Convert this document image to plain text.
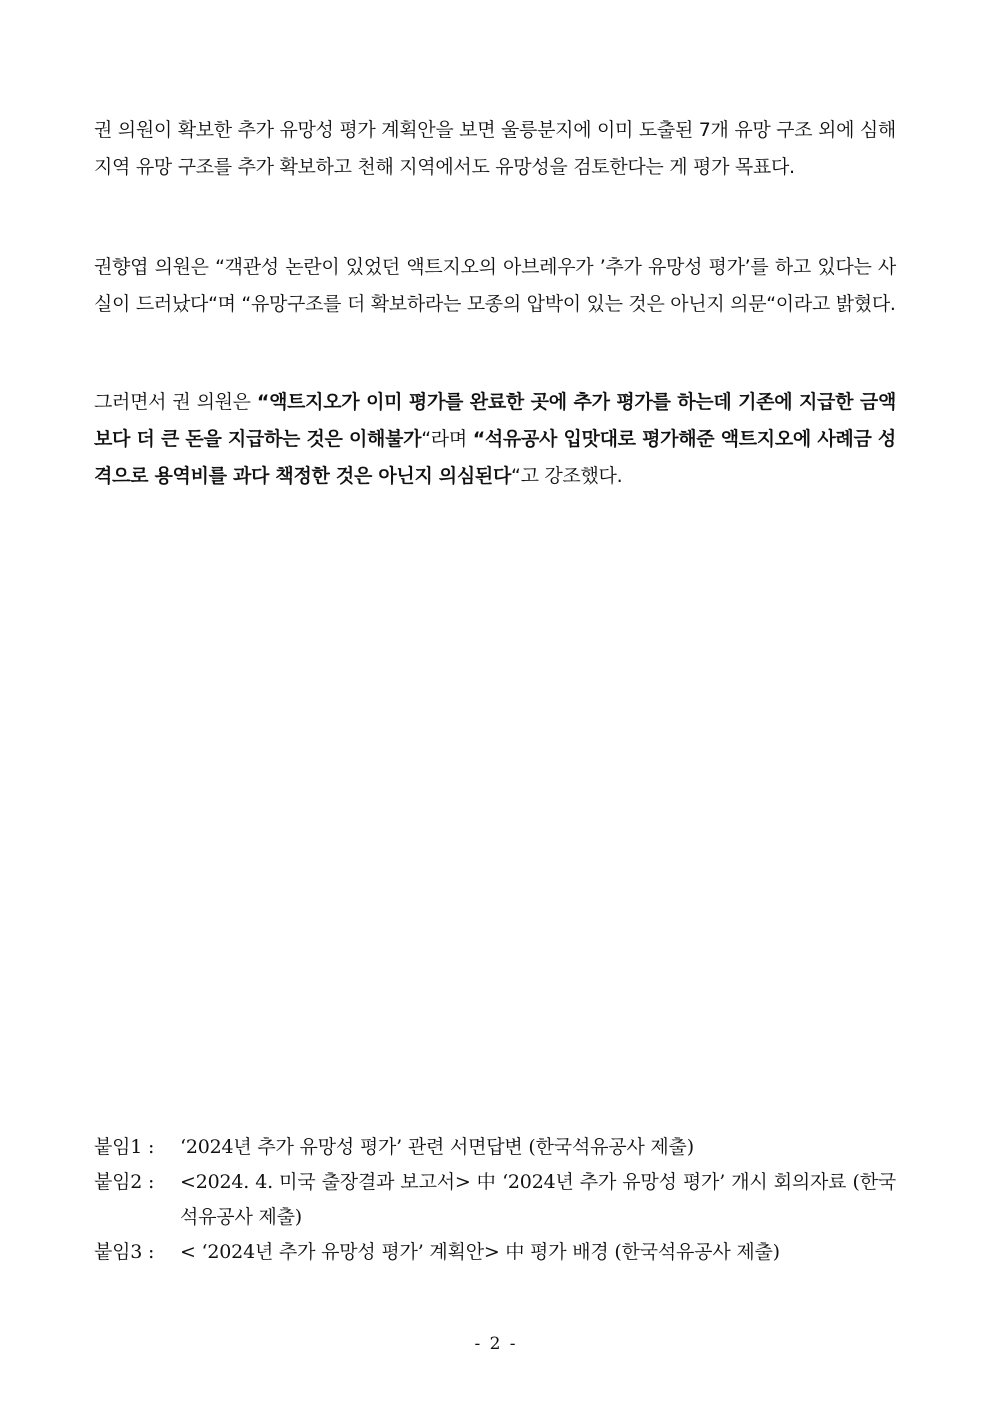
권 의원이 확보한 추가 유망성 평가 계획안을 보면 울릉분지에 이미 도출된 7개 유망 구조 외에 심해 지역 유망 구조를 추가 확보하고 천해 지역에서도 유망성을 검토한다는 게 평가 목표다.

권향엽 의원은 “객관성 논란이 있었던 액트지오의 아브레우가 ’추가 유망성 평가’를 하고 있다는 사실이 드러났다“며 “유망구조를 더 확보하라는 모종의 압박이 있는 것은 아닌지 의문“이라고 밝혔다.

그러면서 권 의원은 “액트지오가 이미 평가를 완료한 곳에 추가 평가를 하는데 기존에 지급한 금액보다 더 큰 돈을 지급하는 것은 이해불가“라며 “석유공사 입맛대로 평가해준 액트지오에 사례금 성격으로 용역비를 과다 책정한 것은 아닌지 의심된다“고 강조했다.

붙임1 :	‘2024년 추가 유망성 평가’ 관련 서면답변 (한국석유공사 제출)
붙임2 :	<2024. 4. 미국 출장결과 보고서> 中 ‘2024년 추가 유망성 평가’ 개시 회의자료 (한국석유공사 제출)
붙임3 :	< ‘2024년 추가 유망성 평가’ 계획안> 中 평가 배경 (한국석유공사 제출)
- 2 -
